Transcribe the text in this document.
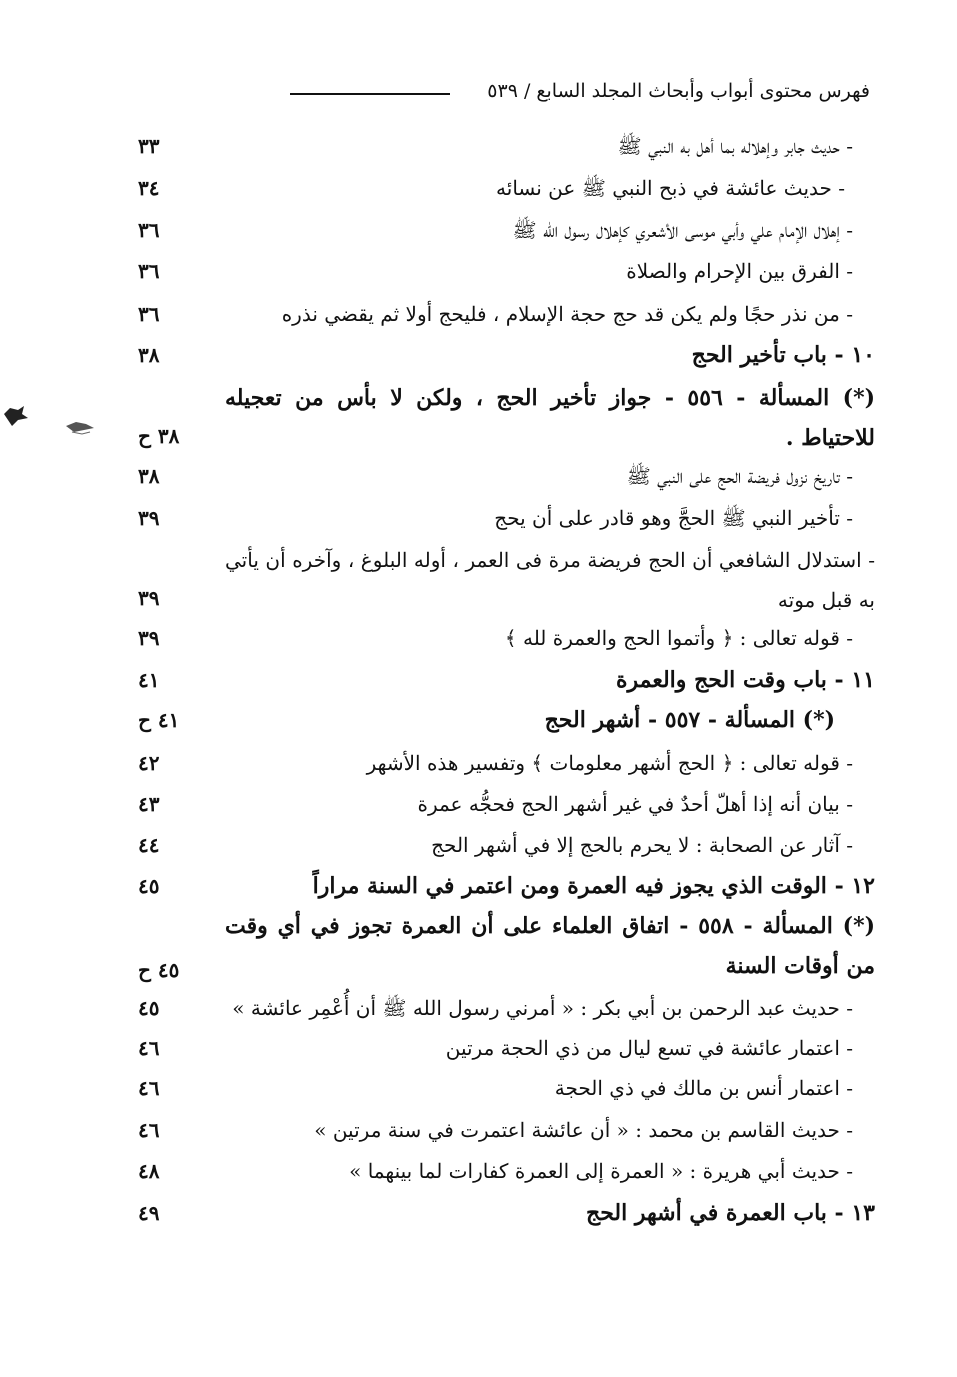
فهرس محتوى أبواب وأبحاث المجلد السابع / ٥٣٩
- حديث جابر وإهلاله بما أهل به النبي ﷺ
٣٣
- حديث عائشة في ذبح النبي ﷺ عن نسائه
٣٤
- إهلال الإمام علي وأبي موسى الأشعري كإهلال رسول الله ﷺ
٣٦
- الفرق بين الإحرام والصلاة
٣٦
- من نذر حجًا ولم يكن قد حج حجة الإسلام ، فليحج أولا ثم يقضي نذره
٣٦
١٠ - باب تأخير الحج
٣٨
(*) المسألة - ٥٥٦ - جواز تأخير الحج ، ولكن لا بأس من تعجيله للاحتياط .
٣٨ ح
- تاريخ نزول فريضة الحج على النبي ﷺ
٣٨
- تأخير النبي ﷺ الحجَّ وهو قادر على أن يحج
٣٩
- استدلال الشافعي أن الحج فريضة مرة فى العمر ، أوله البلوغ ، وآخره أن يأتي به قبل موته
٣٩
- قوله تعالى : ﴿ وأتموا الحج والعمرة لله ﴾
٣٩
١١ - باب وقت الحج والعمرة
٤١
(*) المسألة - ٥٥٧ - أشهر الحج
٤١ ح
- قوله تعالى : ﴿ الحج أشهر معلومات ﴾ وتفسير هذه الأشهر
٤٢
- بيان أنه إذا أهلّ أحدٌ في غير أشهر الحج فحجُّه عمرة
٤٣
- آثار عن الصحابة : لا يحرم بالحج إلا في أشهر الحج
٤٤
١٢ - الوقت الذي يجوز فيه العمرة ومن اعتمر في السنة مراراً
٤٥
(*) المسألة - ٥٥٨ - اتفاق العلماء على أن العمرة تجوز في أي وقت من أوقات السنة
٤٥ ح
- حديث عبد الرحمن بن أبي بكر : « أمرني رسول الله ﷺ أن أُعْمِر عائشة »
٤٥
- اعتمار عائشة في تسع ليال من ذي الحجة مرتين
٤٦
- اعتمار أنس بن مالك في ذي الحجة
٤٦
- حديث القاسم بن محمد : « أن عائشة اعتمرت في سنة مرتين »
٤٦
- حديث أبي هريرة : « العمرة إلى العمرة كفارات لما بينهما »
٤٨
١٣ - باب العمرة في أشهر الحج
٤٩
